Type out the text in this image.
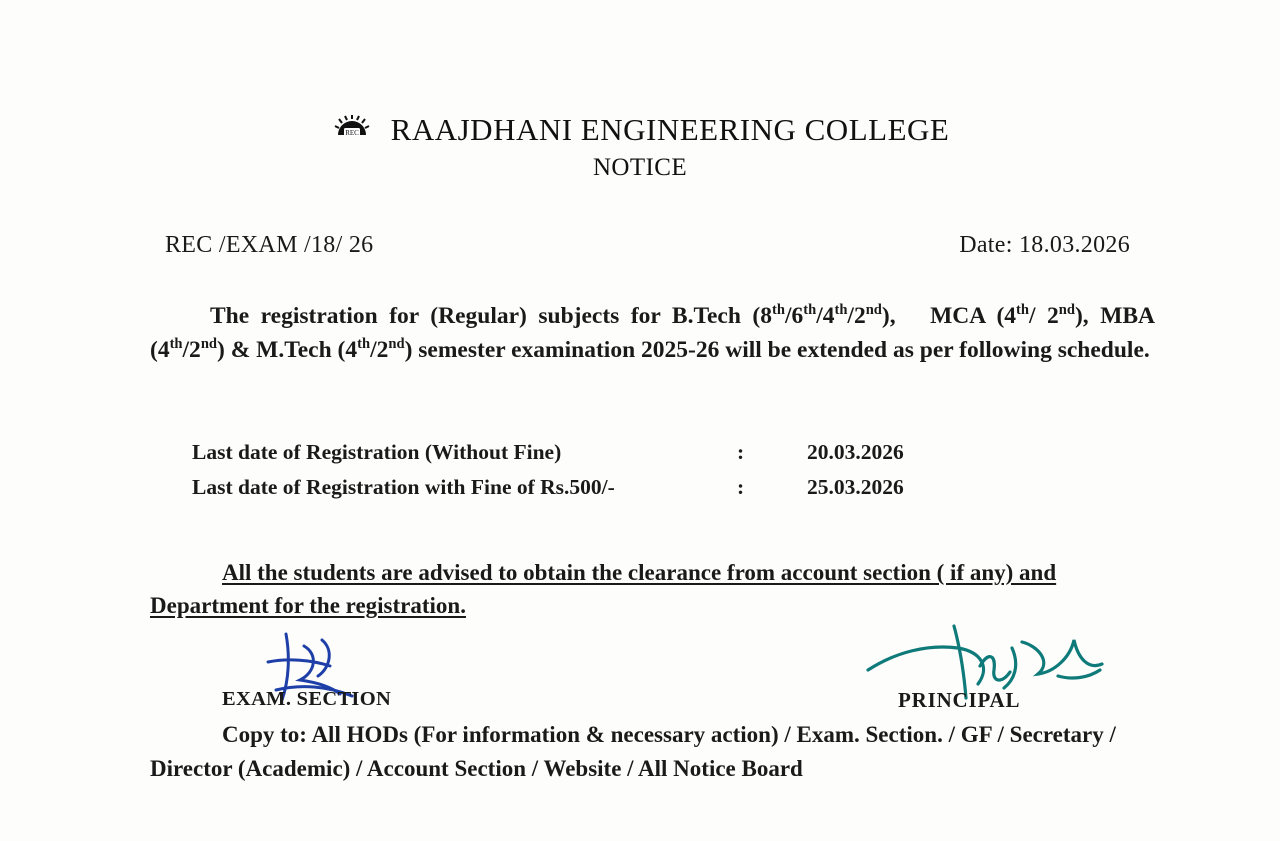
REC RAAJDHANI ENGINEERING COLLEGE
NOTICE
REC /EXAM /18/ 26	Date: 18.03.2026
The registration for (Regular) subjects for B.Tech (8th/6th/4th/2nd),   MCA (4th/ 2nd), MBA (4th/2nd) & M.Tech (4th/2nd) semester examination 2025-26 will be extended as per following schedule.
Last date of Registration (Without Fine)	:	20.03.2026
Last date of Registration with Fine of Rs.500/-	:	25.03.2026
All the students are advised to obtain the clearance from account section ( if any) and Department for the registration.
EXAM. SECTION	PRINCIPAL
Copy to: All HODs (For information & necessary action) / Exam. Section. / GF / Secretary / Director (Academic) / Account Section / Website / All Notice Board
